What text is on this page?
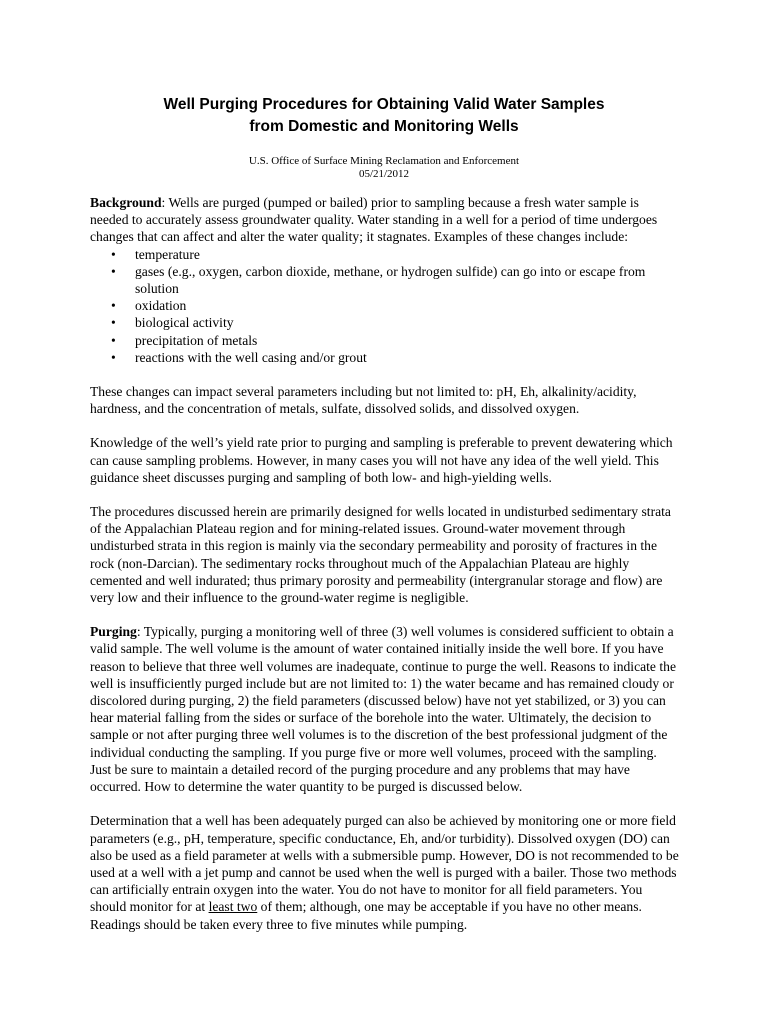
Well Purging Procedures for Obtaining Valid Water Samples
from Domestic and Monitoring Wells
U.S. Office of Surface Mining Reclamation and Enforcement
05/21/2012

Background: Wells are purged (pumped or bailed) prior to sampling because a fresh water sample is needed to accurately assess groundwater quality. Water standing in a well for a period of time undergoes changes that can affect and alter the water quality; it stagnates. Examples of these changes include:

• temperature
• gases (e.g., oxygen, carbon dioxide, methane, or hydrogen sulfide) can go into or escape from solution
• oxidation
• biological activity
• precipitation of metals
• reactions with the well casing and/or grout

These changes can impact several parameters including but not limited to: pH, Eh, alkalinity/acidity, hardness, and the concentration of metals, sulfate, dissolved solids, and dissolved oxygen.

Knowledge of the well’s yield rate prior to purging and sampling is preferable to prevent dewatering which can cause sampling problems. However, in many cases you will not have any idea of the well yield. This guidance sheet discusses purging and sampling of both low- and high-yielding wells.

The procedures discussed herein are primarily designed for wells located in undisturbed sedimentary strata of the Appalachian Plateau region and for mining-related issues. Ground-water movement through undisturbed strata in this region is mainly via the secondary permeability and porosity of fractures in the rock (non-Darcian). The sedimentary rocks throughout much of the Appalachian Plateau are highly cemented and well indurated; thus primary porosity and permeability (intergranular storage and flow) are very low and their influence to the ground-water regime is negligible.

Purging: Typically, purging a monitoring well of three (3) well volumes is considered sufficient to obtain a valid sample. The well volume is the amount of water contained initially inside the well bore. If you have reason to believe that three well volumes are inadequate, continue to purge the well. Reasons to indicate the well is insufficiently purged include but are not limited to: 1) the water became and has remained cloudy or discolored during purging, 2) the field parameters (discussed below) have not yet stabilized, or 3) you can hear material falling from the sides or surface of the borehole into the water. Ultimately, the decision to sample or not after purging three well volumes is to the discretion of the best professional judgment of the individual conducting the sampling. If you purge five or more well volumes, proceed with the sampling. Just be sure to maintain a detailed record of the purging procedure and any problems that may have occurred. How to determine the water quantity to be purged is discussed below.

Determination that a well has been adequately purged can also be achieved by monitoring one or more field parameters (e.g., pH, temperature, specific conductance, Eh, and/or turbidity). Dissolved oxygen (DO) can also be used as a field parameter at wells with a submersible pump. However, DO is not recommended to be used at a well with a jet pump and cannot be used when the well is purged with a bailer. Those two methods can artificially entrain oxygen into the water. You do not have to monitor for all field parameters. You should monitor for at least two of them; although, one may be acceptable if you have no other means. Readings should be taken every three to five minutes while pumping.
